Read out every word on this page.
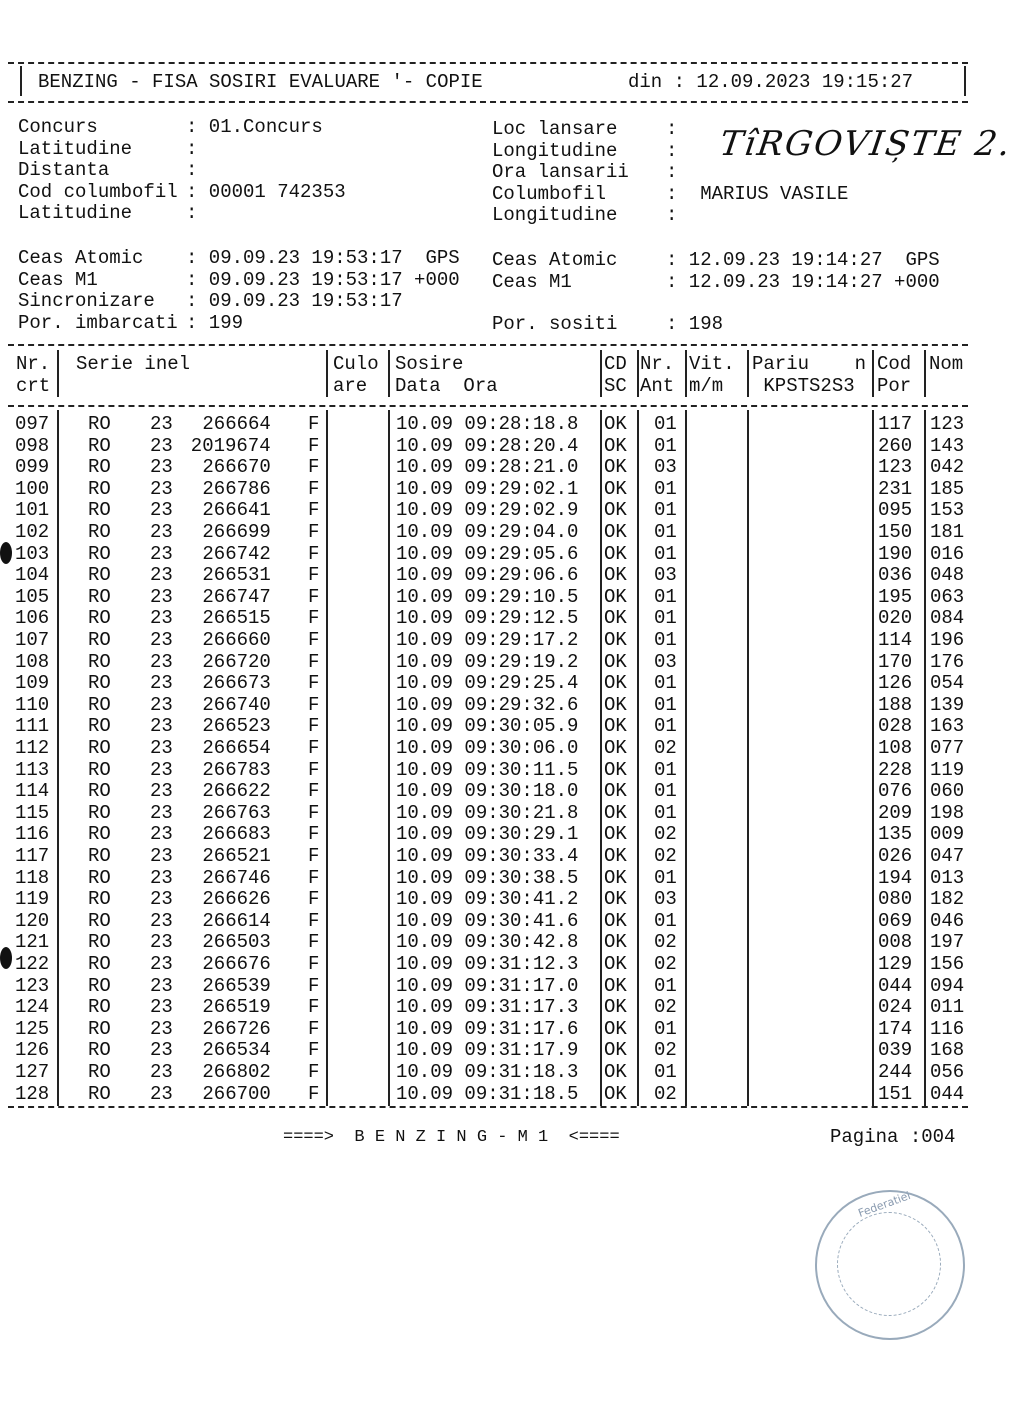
BENZING - FISA SOSIRI EVALUARE '- COPIE	din : 12.09.2023 19:15:27
Concurs	: 01.Concurs
Latitudine	:
Distanta	:
Cod columbofil : 00001 742353
Latitudine	:
Loc lansare	:
Longitudine	:
Ora lansarii :
Columbofil	:  MARIUS VASILE
Longitudine	:
TîRGOVIȘTE 2.
Ceas Atomic : 09.09.23 19:53:17  GPS
Ceas M1	: 09.09.23 19:53:17 +000
Sincronizare : 09.09.23 19:53:17
Por. imbarcati : 199
Ceas Atomic	: 12.09.23 19:14:27  GPS
Ceas M1	: 12.09.23 19:14:27 +000
Por. sositi	: 198
Nr.
crt
Serie inel	Culo
are
Sosire
Data  Ora
CD
SC
Nr.
Ant
Vit.
m/m
Pariu    n
KPSTS2S3
Cod
Por
Nom
097 RO 23 266664 F	10.09 09:28:18.8 OK 01	117 123
098 RO 23 2019674 F	10.09 09:28:20.4 OK 01	260 143
099 RO 23 266670 F	10.09 09:28:21.0 OK 03	123 042
100 RO 23 266786 F	10.09 09:29:02.1 OK 01	231 185
101 RO 23 266641 F	10.09 09:29:02.9 OK 01	095 153
102 RO 23 266699 F	10.09 09:29:04.0 OK 01	150 181
103 RO 23 266742 F	10.09 09:29:05.6 OK 01	190 016
104 RO 23 266531 F	10.09 09:29:06.6 OK 03	036 048
105 RO 23 266747 F	10.09 09:29:10.5 OK 01	195 063
106 RO 23 266515 F	10.09 09:29:12.5 OK 01	020 084
107 RO 23 266660 F	10.09 09:29:17.2 OK 01	114 196
108 RO 23 266720 F	10.09 09:29:19.2 OK 03	170 176
109 RO 23 266673 F	10.09 09:29:25.4 OK 01	126 054
110 RO 23 266740 F	10.09 09:29:32.6 OK 01	188 139
111 RO 23 266523 F	10.09 09:30:05.9 OK 01	028 163
112 RO 23 266654 F	10.09 09:30:06.0 OK 02	108 077
113 RO 23 266783 F	10.09 09:30:11.5 OK 01	228 119
114 RO 23 266622 F	10.09 09:30:18.0 OK 01	076 060
115 RO 23 266763 F	10.09 09:30:21.8 OK 01	209 198
116 RO 23 266683 F	10.09 09:30:29.1 OK 02	135 009
117 RO 23 266521 F	10.09 09:30:33.4 OK 02	026 047
118 RO 23 266746 F	10.09 09:30:38.5 OK 01	194 013
119 RO 23 266626 F	10.09 09:30:41.2 OK 03	080 182
120 RO 23 266614 F	10.09 09:30:41.6 OK 01	069 046
121 RO 23 266503 F	10.09 09:30:42.8 OK 02	008 197
122 RO 23 266676 F	10.09 09:31:12.3 OK 02	129 156
123 RO 23 266539 F	10.09 09:31:17.0 OK 01	044 094
124 RO 23 266519 F	10.09 09:31:17.3 OK 02	024 011
125 RO 23 266726 F	10.09 09:31:17.6 OK 01	174 116
126 RO 23 266534 F	10.09 09:31:17.9 OK 02	039 168
127 RO 23 266802 F	10.09 09:31:18.3 OK 01	244 056
128 RO 23 266700 F	10.09 09:31:18.5 OK 02	151 044
====>  B E N Z I N G - M 1  <====	Pagina :004
Federatiei
